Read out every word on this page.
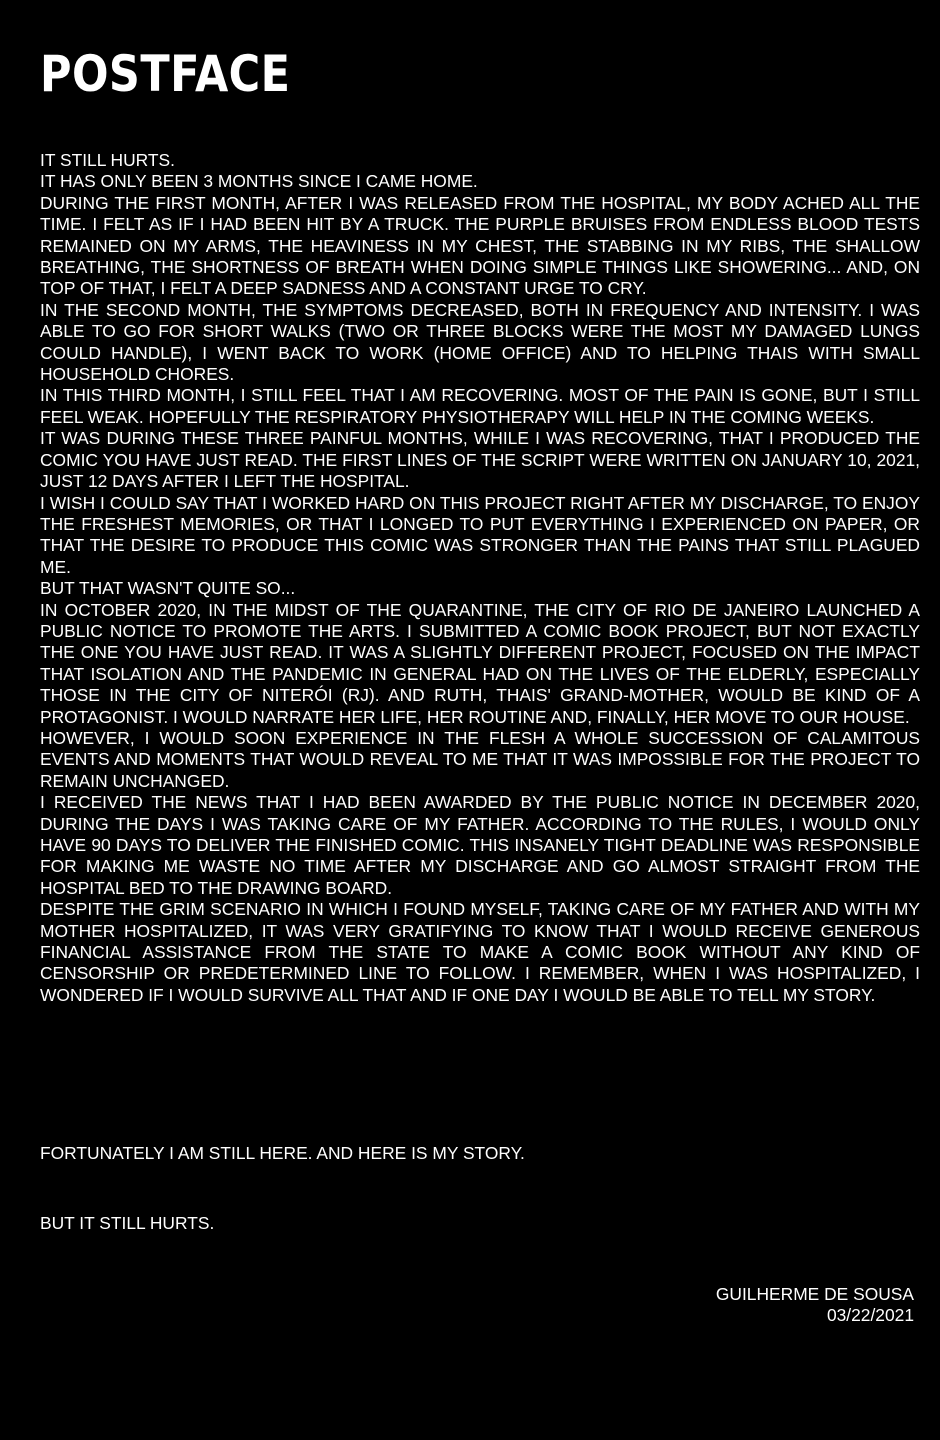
POSTFACE

IT STILL HURTS.

IT HAS ONLY BEEN 3 MONTHS SINCE I CAME HOME.

DURING THE FIRST MONTH, AFTER I WAS RELEASED FROM THE HOSPITAL, MY BODY ACHED ALL THE TIME. I FELT AS IF I HAD BEEN HIT BY A TRUCK. THE PURPLE BRUISES FROM ENDLESS BLOOD TESTS REMAINED ON MY ARMS, THE HEAVINESS IN MY CHEST, THE STABBING IN MY RIBS, THE SHALLOW BREATHING, THE SHORTNESS OF BREATH WHEN DOING SIMPLE THINGS LIKE SHOWERING... AND, ON TOP OF THAT, I FELT A DEEP SADNESS AND A CONSTANT URGE TO CRY.

IN THE SECOND MONTH, THE SYMPTOMS DECREASED, BOTH IN FREQUENCY AND INTENSITY. I WAS ABLE TO GO FOR SHORT WALKS (TWO OR THREE BLOCKS WERE THE MOST MY DAMAGED LUNGS COULD HANDLE), I WENT BACK TO WORK (HOME OFFICE) AND TO HELPING THAIS WITH SMALL HOUSEHOLD CHORES.

IN THIS THIRD MONTH, I STILL FEEL THAT I AM RECOVERING. MOST OF THE PAIN IS GONE, BUT I STILL FEEL WEAK. HOPEFULLY THE RESPIRATORY PHYSIOTHERAPY WILL HELP IN THE COMING WEEKS.

IT WAS DURING THESE THREE PAINFUL MONTHS, WHILE I WAS RECOVERING, THAT I PRODUCED THE COMIC YOU HAVE JUST READ. THE FIRST LINES OF THE SCRIPT WERE WRITTEN ON JANUARY 10, 2021, JUST 12 DAYS AFTER I LEFT THE HOSPITAL.

I WISH I COULD SAY THAT I WORKED HARD ON THIS PROJECT RIGHT AFTER MY DISCHARGE, TO ENJOY THE FRESHEST MEMORIES, OR THAT I LONGED TO PUT EVERYTHING I EXPERIENCED ON PAPER, OR THAT THE DESIRE TO PRODUCE THIS COMIC WAS STRONGER THAN THE PAINS THAT STILL PLAGUED ME.

BUT THAT WASN'T QUITE SO...

IN OCTOBER 2020, IN THE MIDST OF THE QUARANTINE, THE CITY OF RIO DE JANEIRO LAUNCHED A PUBLIC NOTICE TO PROMOTE THE ARTS. I SUBMITTED A COMIC BOOK PROJECT, BUT NOT EXACTLY THE ONE YOU HAVE JUST READ. IT WAS A SLIGHTLY DIFFERENT PROJECT, FOCUSED ON THE IMPACT THAT ISOLATION AND THE PANDEMIC IN GENERAL HAD ON THE LIVES OF THE ELDERLY, ESPECIALLY THOSE IN THE CITY OF NITERÓI (RJ). AND RUTH, THAIS' GRAND-MOTHER, WOULD BE KIND OF A PROTAGONIST. I WOULD NARRATE HER LIFE, HER ROUTINE AND, FINALLY, HER MOVE TO OUR HOUSE.

HOWEVER, I WOULD SOON EXPERIENCE IN THE FLESH A WHOLE SUCCESSION OF CALAMITOUS EVENTS AND MOMENTS THAT WOULD REVEAL TO ME THAT IT WAS IMPOSSIBLE FOR THE PROJECT TO REMAIN UNCHANGED.

I RECEIVED THE NEWS THAT I HAD BEEN AWARDED BY THE PUBLIC NOTICE IN DECEMBER 2020, DURING THE DAYS I WAS TAKING CARE OF MY FATHER. ACCORDING TO THE RULES, I WOULD ONLY HAVE 90 DAYS TO DELIVER THE FINISHED COMIC. THIS INSANELY TIGHT DEADLINE WAS RESPONSIBLE FOR MAKING ME WASTE NO TIME AFTER MY DISCHARGE AND GO ALMOST STRAIGHT FROM THE HOSPITAL BED TO THE DRAWING BOARD.

DESPITE THE GRIM SCENARIO IN WHICH I FOUND MYSELF, TAKING CARE OF MY FATHER AND WITH MY MOTHER HOSPITALIZED, IT WAS VERY GRATIFYING TO KNOW THAT I WOULD RECEIVE GENEROUS FINANCIAL ASSISTANCE FROM THE STATE TO MAKE A COMIC BOOK WITHOUT ANY KIND OF CENSORSHIP OR PREDETERMINED LINE TO FOLLOW. I REMEMBER, WHEN I WAS HOSPITALIZED, I WONDERED IF I WOULD SURVIVE ALL THAT AND IF ONE DAY I WOULD BE ABLE TO TELL MY STORY.

FORTUNATELY I AM STILL HERE. AND HERE IS MY STORY.

BUT IT STILL HURTS.

GUILHERME DE SOUSA
03/22/2021
